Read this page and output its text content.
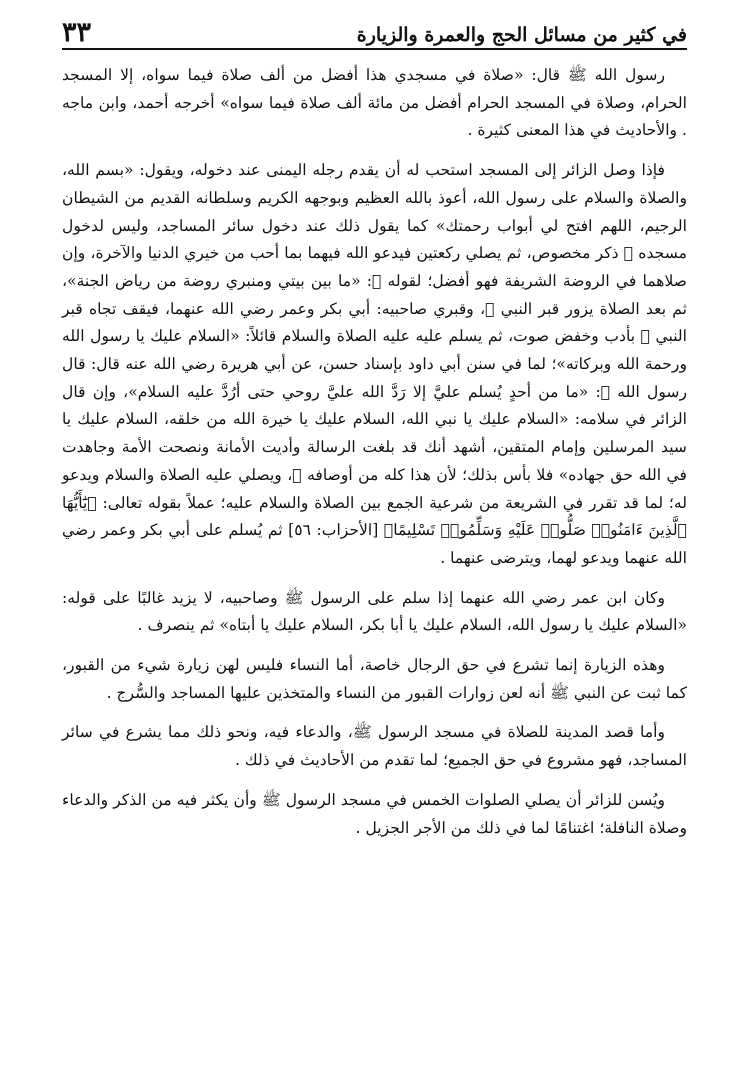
في كثير من مسائل الحج والعمرة والزيارة
٣٣

رسول الله ﷺ قال: «صلاة في مسجدي هذا أفضل من ألف صلاة فيما سواه، إلا المسجد الحرام، وصلاة في المسجد الحرام أفضل من مائة ألف صلاة فيما سواه» أخرجه أحمد، وابن ماجه . والأحاديث في هذا المعنى كثيرة .

فإذا وصل الزائر إلى المسجد استحب له أن يقدم رجله اليمنى عند دخوله، ويقول: «بسم الله، والصلاة والسلام على رسول الله، أعوذ بالله العظيم وبوجهه الكريم وسلطانه القديم من الشيطان الرجيم، اللهم افتح لي أبواب رحمتك» كما يقول ذلك عند دخول سائر المساجد، وليس لدخول مسجده ﷺ ذكر مخصوص، ثم يصلي ركعتين فيدعو الله فيهما بما أحب من خيري الدنيا والآخرة، وإن صلاهما في الروضة الشريفة فهو أفضل؛ لقوله ﷺ: «ما بين بيتي ومنبري روضة من رياض الجنة»، ثم بعد الصلاة يزور قبر النبي ﷺ، وقبري صاحبيه: أبي بكر وعمر رضي الله عنهما، فيقف تجاه قبر النبي ﷺ بأدب وخفض صوت، ثم يسلم عليه عليه الصلاة والسلام قائلاً: «السلام عليك يا رسول الله ورحمة الله وبركاته»؛ لما في سنن أبي داود بإسناد حسن، عن أبي هريرة رضي الله عنه قال: قال رسول الله ﷺ: «ما من أحدٍ يُسلم عليَّ إلا رَدَّ الله عليَّ روحي حتى أرُدَّ عليه السلام»، وإن قال الزائر في سلامه: «السلام عليك يا نبي الله، السلام عليك يا خيرة الله من خلقه، السلام عليك يا سيد المرسلين وإمام المتقين، أشهد أنك قد بلغت الرسالة وأديت الأمانة ونصحت الأمة وجاهدت في الله حق جهاده» فلا بأس بذلك؛ لأن هذا كله من أوصافه ﷺ، ويصلي عليه الصلاة والسلام ويدعو له؛ لما قد تقرر في الشريعة من شرعية الجمع بين الصلاة والسلام عليه؛ عملاً بقوله تعالى: ﴿يَٰٓأَيُّهَا ٱلَّذِينَ ءَامَنُوا۟ صَلُّوا۟ عَلَيْهِ وَسَلِّمُوا۟ تَسْلِيمًا﴾ [الأحزاب: ٥٦] ثم يُسلم على أبي بكر وعمر رضي الله عنهما ويدعو لهما، ويترضى عنهما .

وكان ابن عمر رضي الله عنهما إذا سلم على الرسول ﷺ وصاحبيه، لا يزيد غالبًا على قوله: «السلام عليك يا رسول الله، السلام عليك يا أبا بكر، السلام عليك يا أبتاه» ثم ينصرف .

وهذه الزيارة إنما تشرع في حق الرجال خاصة، أما النساء فليس لهن زيارة شيء من القبور، كما ثبت عن النبي ﷺ أنه لعن زوارات القبور من النساء والمتخذين عليها المساجد والسُّرج .

وأما قصد المدينة للصلاة في مسجد الرسول ﷺ، والدعاء فيه، ونحو ذلك مما يشرع في سائر المساجد، فهو مشروع في حق الجميع؛ لما تقدم من الأحاديث في ذلك .

ويُسن للزائر أن يصلي الصلوات الخمس في مسجد الرسول ﷺ وأن يكثر فيه من الذكر والدعاء وصلاة النافلة؛ اغتنامًا لما في ذلك من الأجر الجزيل .
